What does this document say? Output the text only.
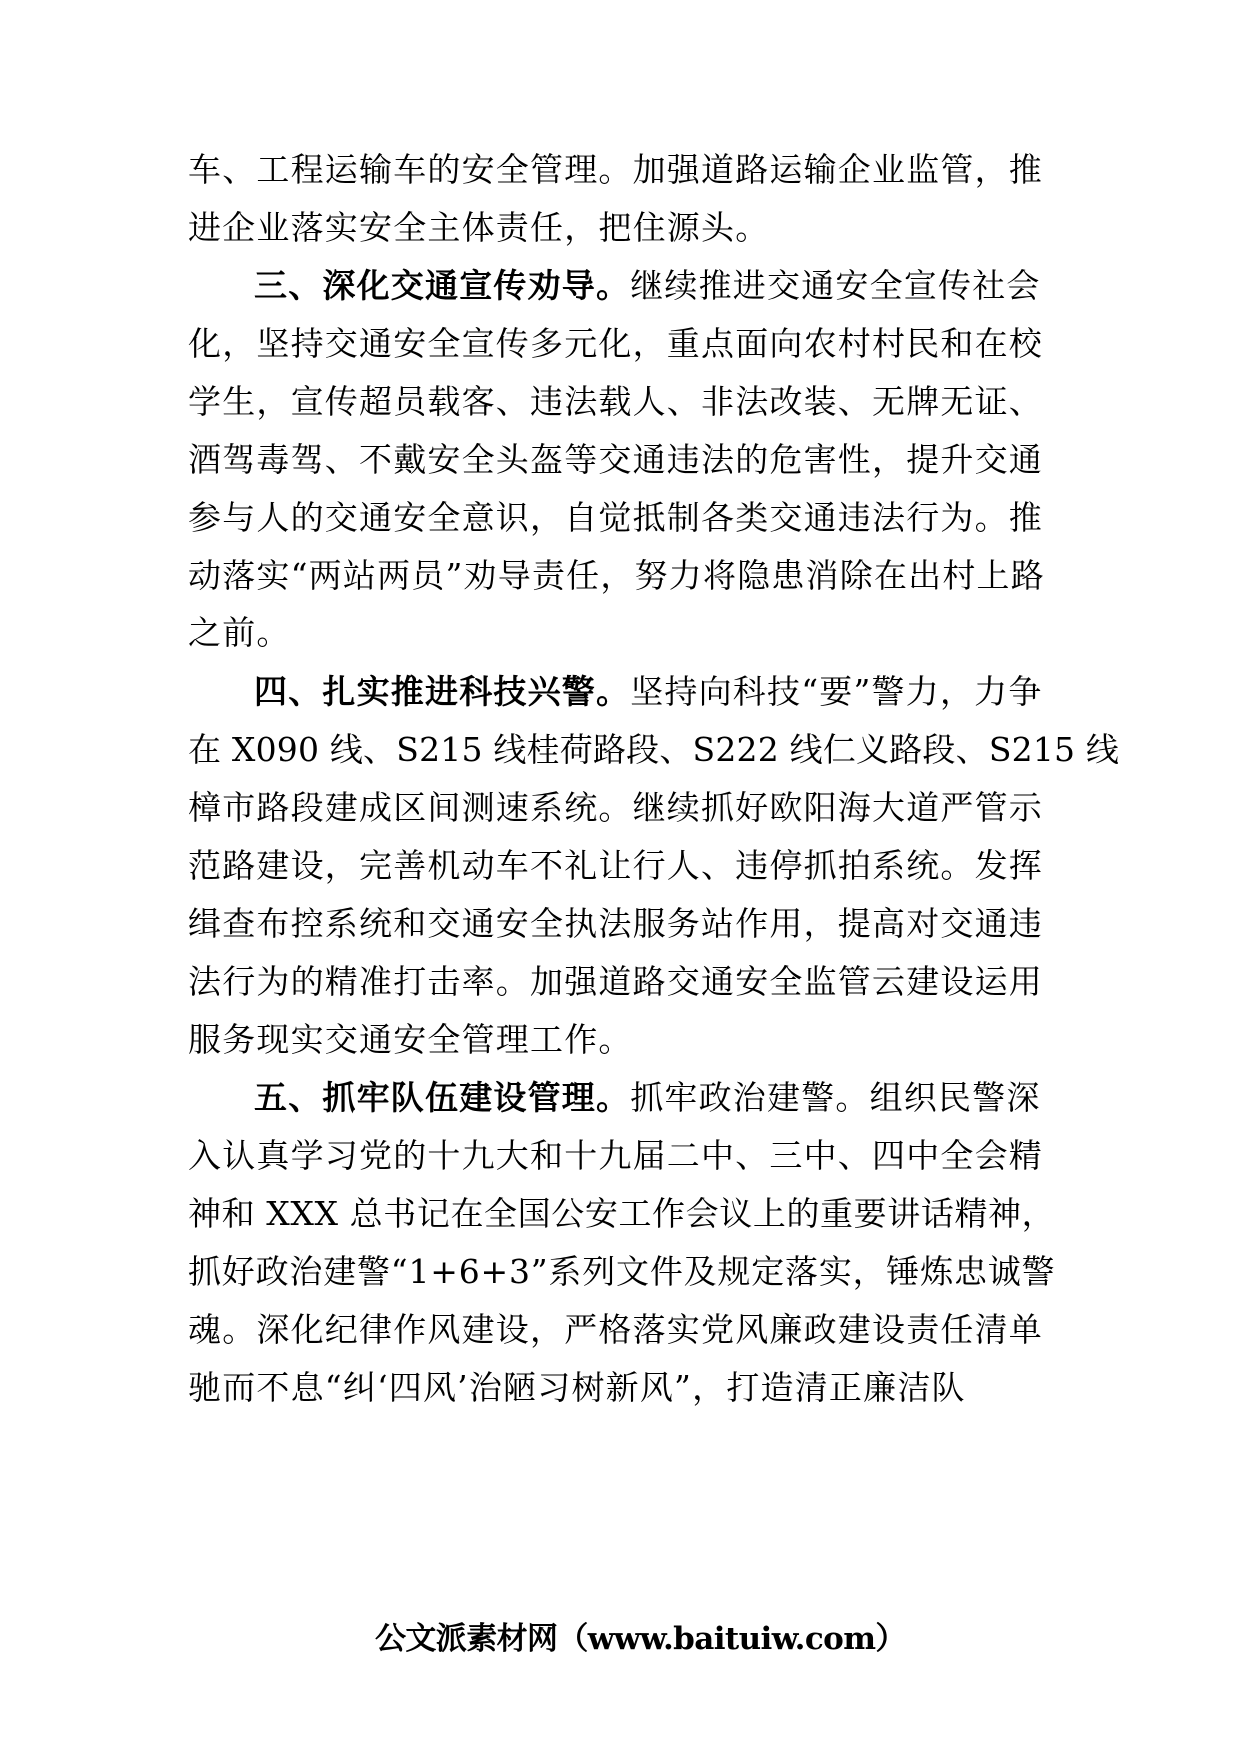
车、工程运输车的安全管理。加强道路运输企业监管，推

进企业落实安全主体责任，把住源头。

三、深化交通宣传劝导。继续推进交通安全宣传社会

化，坚持交通安全宣传多元化，重点面向农村村民和在校

学生，宣传超员载客、违法载人、非法改装、无牌无证、

酒驾毒驾、不戴安全头盔等交通违法的危害性，提升交通

参与人的交通安全意识，自觉抵制各类交通违法行为。推

动落实“两站两员”劝导责任，努力将隐患消除在出村上路

之前。

四、扎实推进科技兴警。坚持向科技“要”警力，力争

在 X090 线、S215 线桂荷路段、S222 线仁义路段、S215 线

樟市路段建成区间测速系统。继续抓好欧阳海大道严管示

范路建设，完善机动车不礼让行人、违停抓拍系统。发挥

缉查布控系统和交通安全执法服务站作用，提高对交通违

法行为的精准打击率。加强道路交通安全监管云建设运用

服务现实交通安全管理工作。

五、抓牢队伍建设管理。抓牢政治建警。组织民警深

入认真学习党的十九大和十九届二中、三中、四中全会精

神和 XXX 总书记在全国公安工作会议上的重要讲话精神，

抓好政治建警“1+6+3”系列文件及规定落实，锤炼忠诚警

魂。深化纪律作风建设，严格落实党风廉政建设责任清单

驰而不息“纠‘四风’治陋习树新风”，打造清正廉洁队

公文派素材网（www.baituiw.com）
